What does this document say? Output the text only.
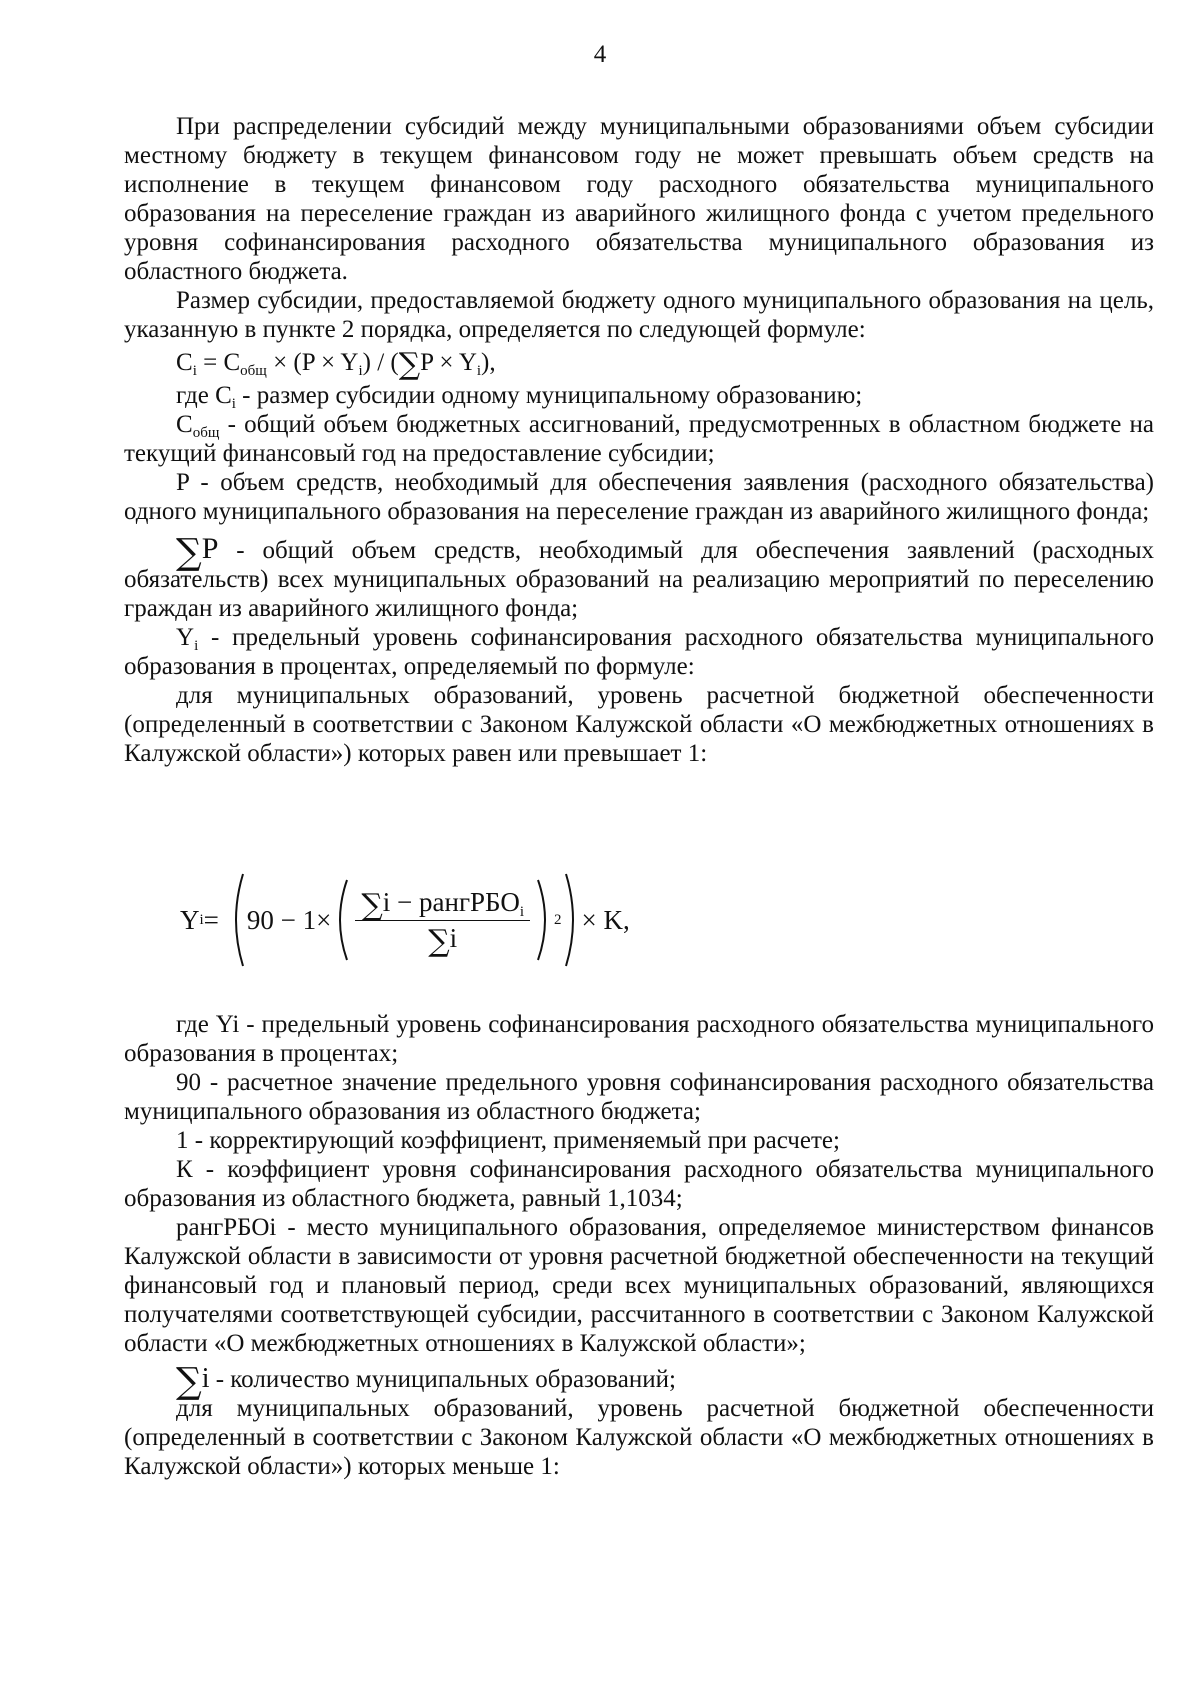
4

При распределении субсидий между муниципальными образованиями объем субсидии местному бюджету в текущем финансовом году не может превышать объем средств на исполнение в текущем финансовом году расходного обязательства муниципального образования на переселение граждан из аварийного жилищного фонда с учетом предельного уровня софинансирования расходного обязательства муниципального образования из областного бюджета.

Размер субсидии, предоставляемой бюджету одного муниципального образования на цель, указанную в пункте 2 порядка, определяется по следующей формуле:

$C_i = C_{общ} \times (P \times Y_i) / (\sum P \times Y_i)$,

где $C_i$ - размер субсидии одному муниципальному образованию;

$C_{общ}$ - общий объем бюджетных ассигнований, предусмотренных в областном бюджете на текущий финансовый год на предоставление субсидии;

P - объем средств, необходимый для обеспечения заявления (расходного обязательства) одного муниципального образования на переселение граждан из аварийного жилищного фонда;

∑P - общий объем средств, необходимый для обеспечения заявлений (расходных обязательств) всех муниципальных образований на реализацию мероприятий по переселению граждан из аварийного жилищного фонда;

$Y_i$ - предельный уровень софинансирования расходного обязательства муниципального образования в процентах, определяемый по формуле:

для муниципальных образований, уровень расчетной бюджетной обеспеченности (определенный в соответствии с Законом Калужской области «О межбюджетных отношениях в Калужской области») которых равен или превышает 1:

Y $i = 90 - 1\times \frac{\sum i - рангРБО_i}{\sum i} 2 \times K$,

где Yi - предельный уровень софинансирования расходного обязательства муниципального образования в процентах;

90 - расчетное значение предельного уровня софинансирования расходного обязательства муниципального образования из областного бюджета;

1 - корректирующий коэффициент, применяемый при расчете;

К - коэффициент уровня софинансирования расходного обязательства муниципального образования из областного бюджета, равный 1,1034;

рангРБОi - место муниципального образования, определяемое министерством финансов Калужской области в зависимости от уровня расчетной бюджетной обеспеченности на текущий финансовый год и плановый период, среди всех муниципальных образований, являющихся получателями соответствующей субсидии, рассчитанного в соответствии с Законом Калужской области «О межбюджетных отношениях в Калужской области»;

∑i - количество муниципальных образований;

для муниципальных образований, уровень расчетной бюджетной обеспеченности (определенный в соответствии с Законом Калужской области «О межбюджетных отношениях в Калужской области») которых меньше 1:
